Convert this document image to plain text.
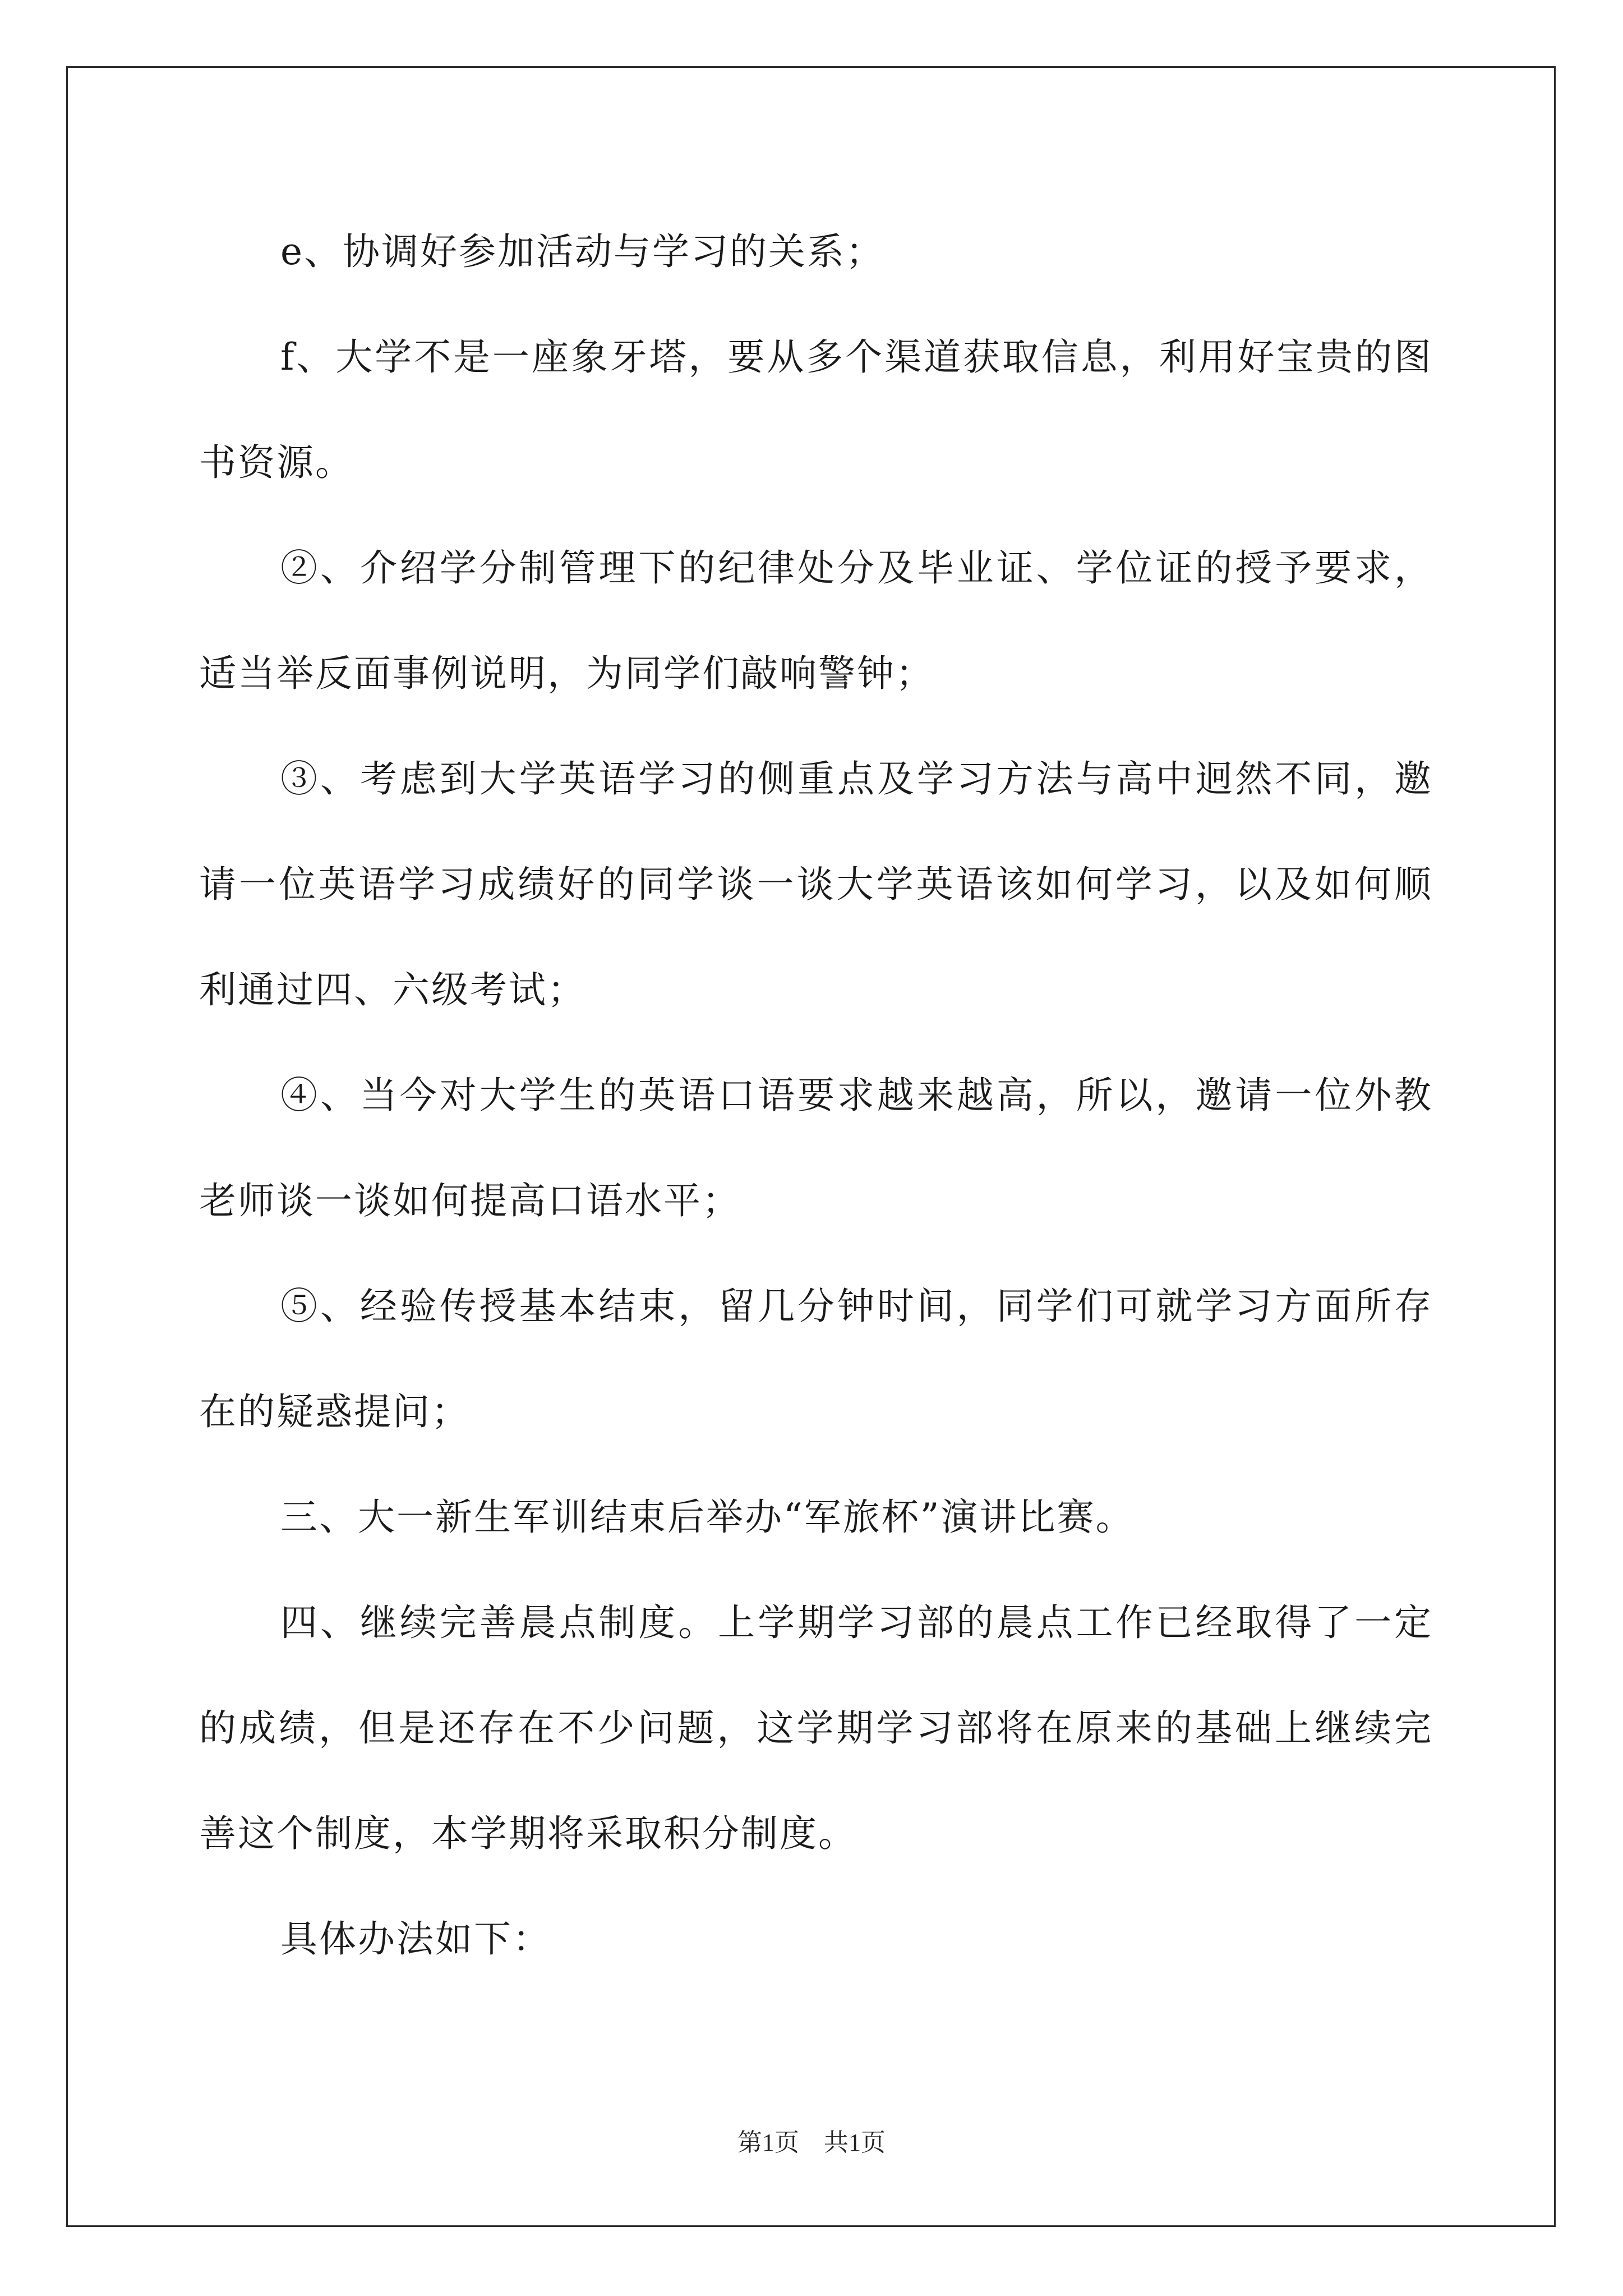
e、协调好参加活动与学习的关系；

f、大学不是一座象牙塔，要从多个渠道获取信息，利用好宝贵的图书资源。

②、介绍学分制管理下的纪律处分及毕业证、学位证的授予要求，适当举反面事例说明，为同学们敲响警钟；

③、考虑到大学英语学习的侧重点及学习方法与高中迥然不同，邀请一位英语学习成绩好的同学谈一谈大学英语该如何学习，以及如何顺利通过四、六级考试；

④、当今对大学生的英语口语要求越来越高，所以，邀请一位外教老师谈一谈如何提高口语水平；

⑤、经验传授基本结束，留几分钟时间，同学们可就学习方面所存在的疑惑提问；

三、大一新生军训结束后举办“军旅杯”演讲比赛。

四、继续完善晨点制度。上学期学习部的晨点工作已经取得了一定的成绩，但是还存在不少问题，这学期学习部将在原来的基础上继续完善这个制度，本学期将采取积分制度。

具体办法如下：

第1页　共1页
